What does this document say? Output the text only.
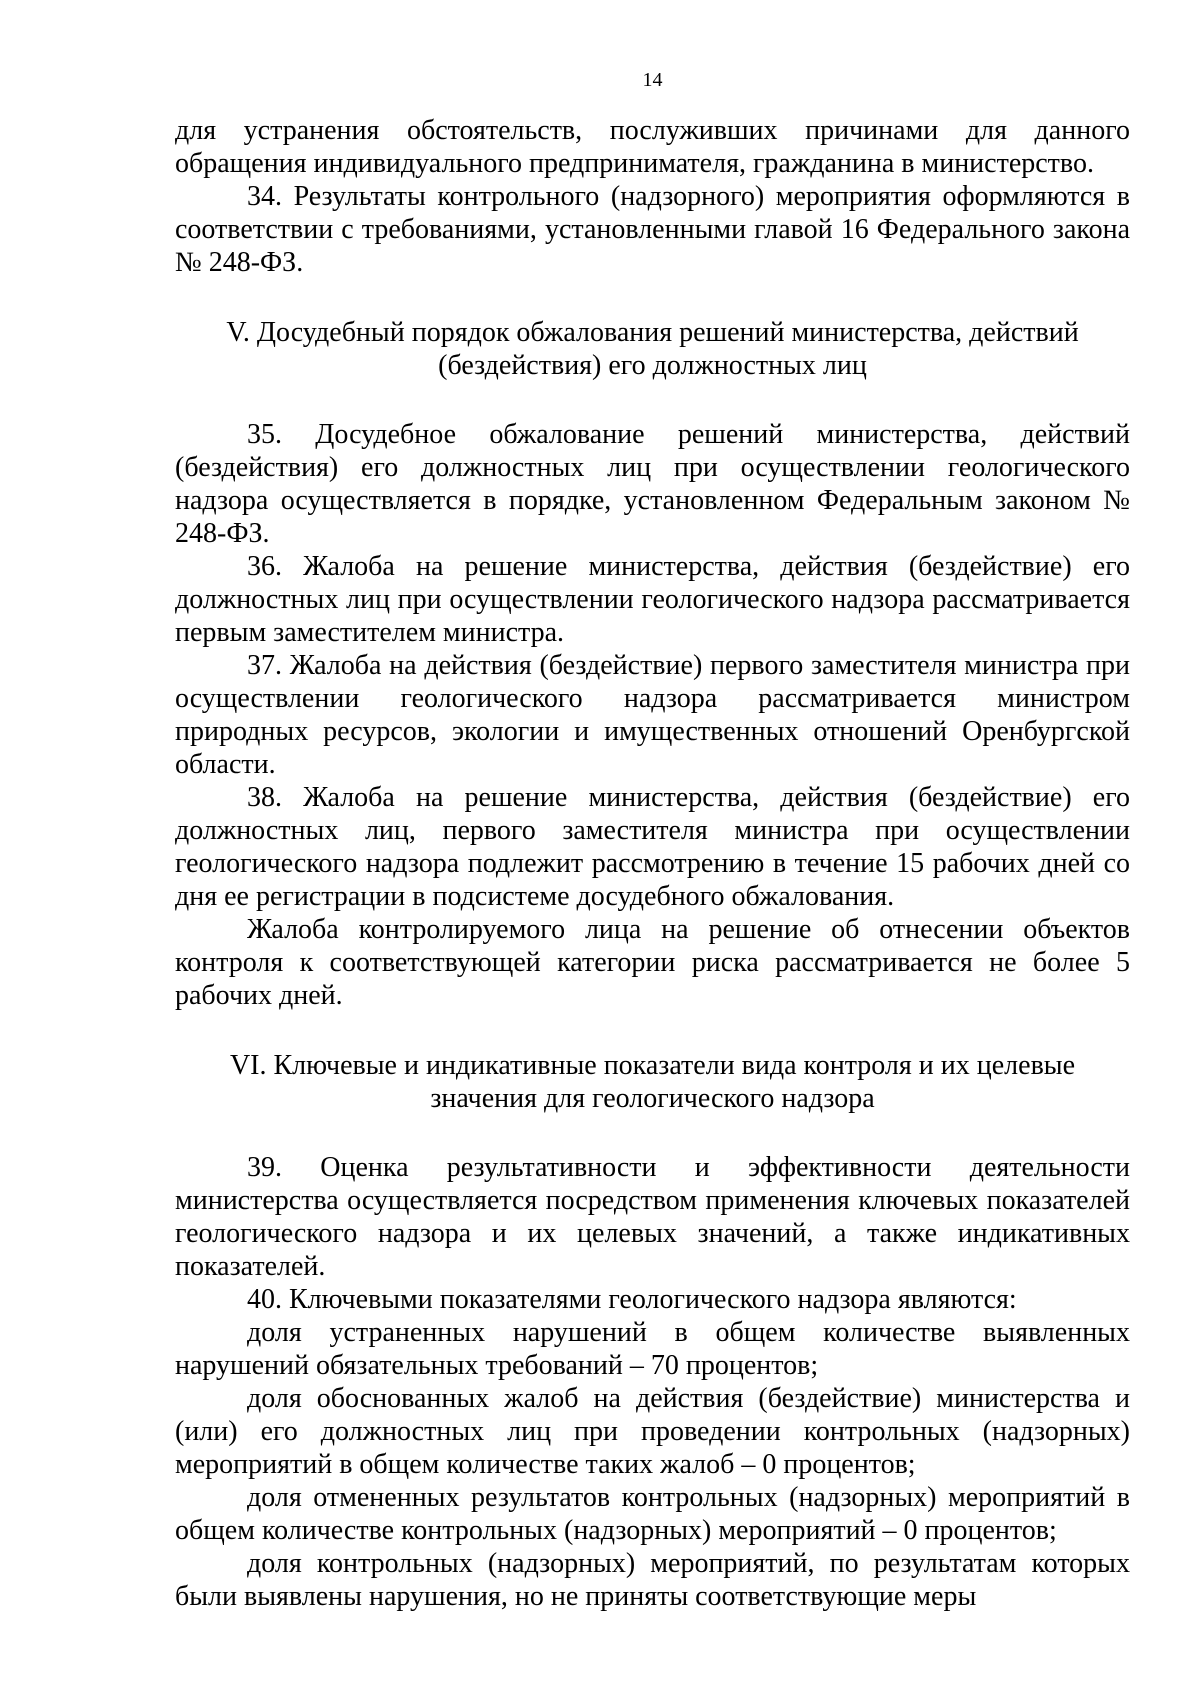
14

для устранения обстоятельств, послуживших причинами для данного обращения индивидуального предпринимателя, гражданина в министерство.

34. Результаты контрольного (надзорного) мероприятия оформляются в соответствии с требованиями, установленными главой 16 Федерального закона № 248-ФЗ.

V. Досудебный порядок обжалования решений министерства, действий
(бездействия) его должностных лиц

35. Досудебное обжалование решений министерства, действий (бездействия) его должностных лиц при осуществлении геологического надзора осуществляется в порядке, установленном Федеральным законом № 248-ФЗ.

36. Жалоба на решение министерства, действия (бездействие) его должностных лиц при осуществлении геологического надзора рассматривается первым заместителем министра.

37. Жалоба на действия (бездействие) первого заместителя министра при осуществлении геологического надзора рассматривается министром природных ресурсов, экологии и имущественных отношений Оренбургской области.

38. Жалоба на решение министерства, действия (бездействие) его должностных лиц, первого заместителя министра при осуществлении геологического надзора подлежит рассмотрению в течение 15 рабочих дней со дня ее регистрации в подсистеме досудебного обжалования.

Жалоба контролируемого лица на решение об отнесении объектов контроля к соответствующей категории риска рассматривается не более 5 рабочих дней.

VI. Ключевые и индикативные показатели вида контроля и их целевые
значения для геологического надзора

39. Оценка результативности и эффективности деятельности министерства осуществляется посредством применения ключевых показателей геологического надзора и их целевых значений, а также индикативных показателей.

40. Ключевыми показателями геологического надзора являются:

доля устраненных нарушений в общем количестве выявленных нарушений обязательных требований – 70 процентов;

доля обоснованных жалоб на действия (бездействие) министерства и (или) его должностных лиц при проведении контрольных (надзорных) мероприятий в общем количестве таких жалоб – 0 процентов;

доля отмененных результатов контрольных (надзорных) мероприятий в общем количестве контрольных (надзорных) мероприятий – 0 процентов;

доля контрольных (надзорных) мероприятий, по результатам которых были выявлены нарушения, но не приняты соответствующие меры
